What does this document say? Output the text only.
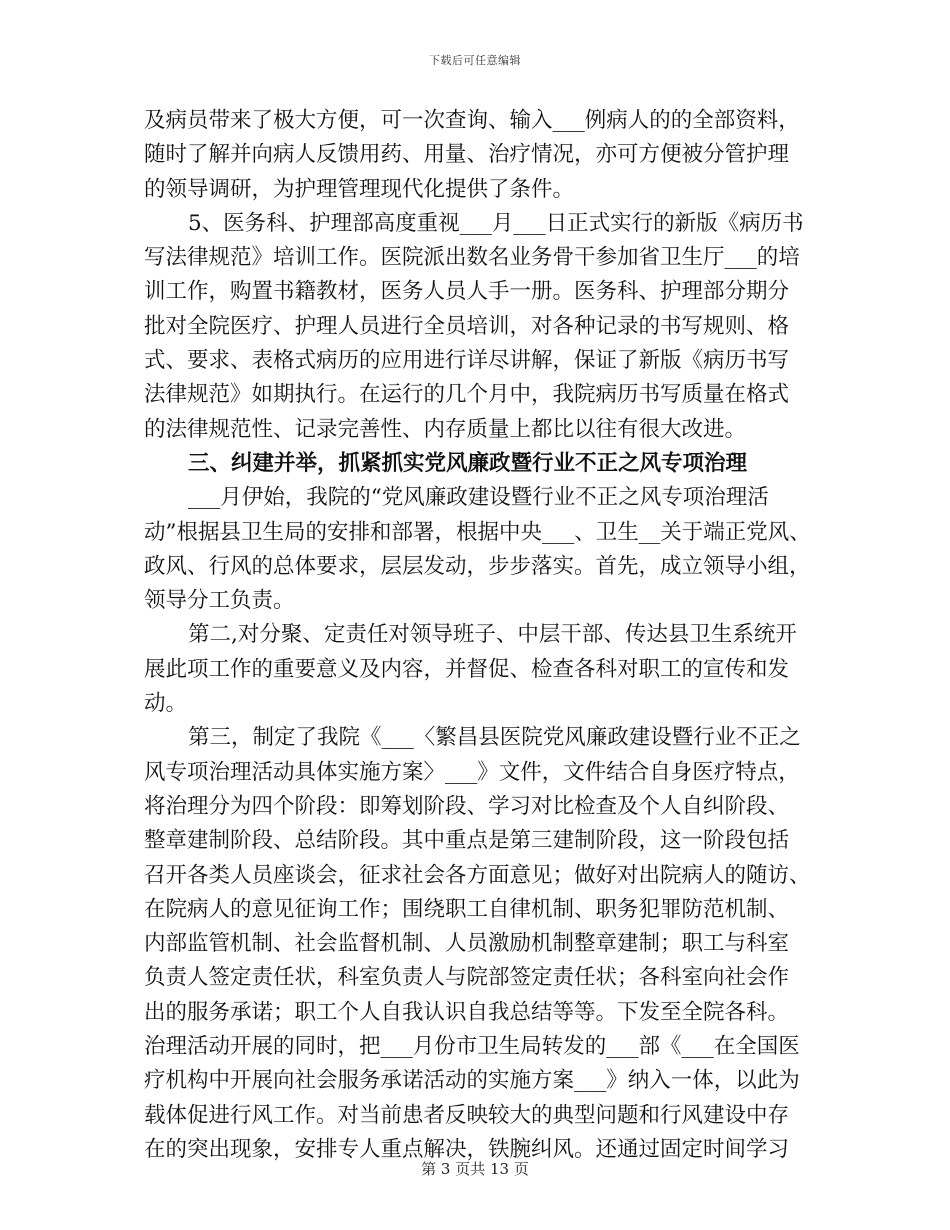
下载后可任意编辑
及病员带来了极大方便，可一次查询、输入___例病人的的全部资料，
随时了解并向病人反馈用药、用量、治疗情况，亦可方便被分管护理
的领导调研，为护理管理现代化提供了条件。
5、医务科、护理部高度重视___月___日正式实行的新版《病历书
写法律规范》培训工作。医院派出数名业务骨干参加省卫生厅___的培
训工作，购置书籍教材，医务人员人手一册。医务科、护理部分期分
批对全院医疗、护理人员进行全员培训，对各种记录的书写规则、格
式、要求、表格式病历的应用进行详尽讲解，保证了新版《病历书写
法律规范》如期执行。在运行的几个月中，我院病历书写质量在格式
的法律规范性、记录完善性、内存质量上都比以往有很大改进。
三、纠建并举，抓紧抓实党风廉政暨行业不正之风专项治理
___月伊始，我院的“党风廉政建设暨行业不正之风专项治理活
动”根据县卫生局的安排和部署，根据中央___、卫生__关于端正党风、
政风、行风的总体要求，层层发动，步步落实。首先，成立领导小组，
领导分工负责。
第二,对分聚、定责任对领导班子、中层干部、传达县卫生系统开
展此项工作的重要意义及内容，并督促、检查各科对职工的宣传和发
动。
第三，制定了我院《___〈繁昌县医院党风廉政建设暨行业不正之
风专项治理活动具体实施方案〉___》文件，文件结合自身医疗特点，
将治理分为四个阶段：即筹划阶段、学习对比检查及个人自纠阶段、
整章建制阶段、总结阶段。其中重点是第三建制阶段，这一阶段包括
召开各类人员座谈会，征求社会各方面意见；做好对出院病人的随访、
在院病人的意见征询工作；围绕职工自律机制、职务犯罪防范机制、
内部监管机制、社会监督机制、人员激励机制整章建制；职工与科室
负责人签定责任状，科室负责人与院部签定责任状；各科室向社会作
出的服务承诺；职工个人自我认识自我总结等等。下发至全院各科。
治理活动开展的同时，把___月份市卫生局转发的___部《___在全国医
疗机构中开展向社会服务承诺活动的实施方案___》纳入一体，以此为
载体促进行风工作。对当前患者反映较大的典型问题和行风建设中存
在的突出现象，安排专人重点解决，铁腕纠风。还通过固定时间学习
第 3 页共 13 页
